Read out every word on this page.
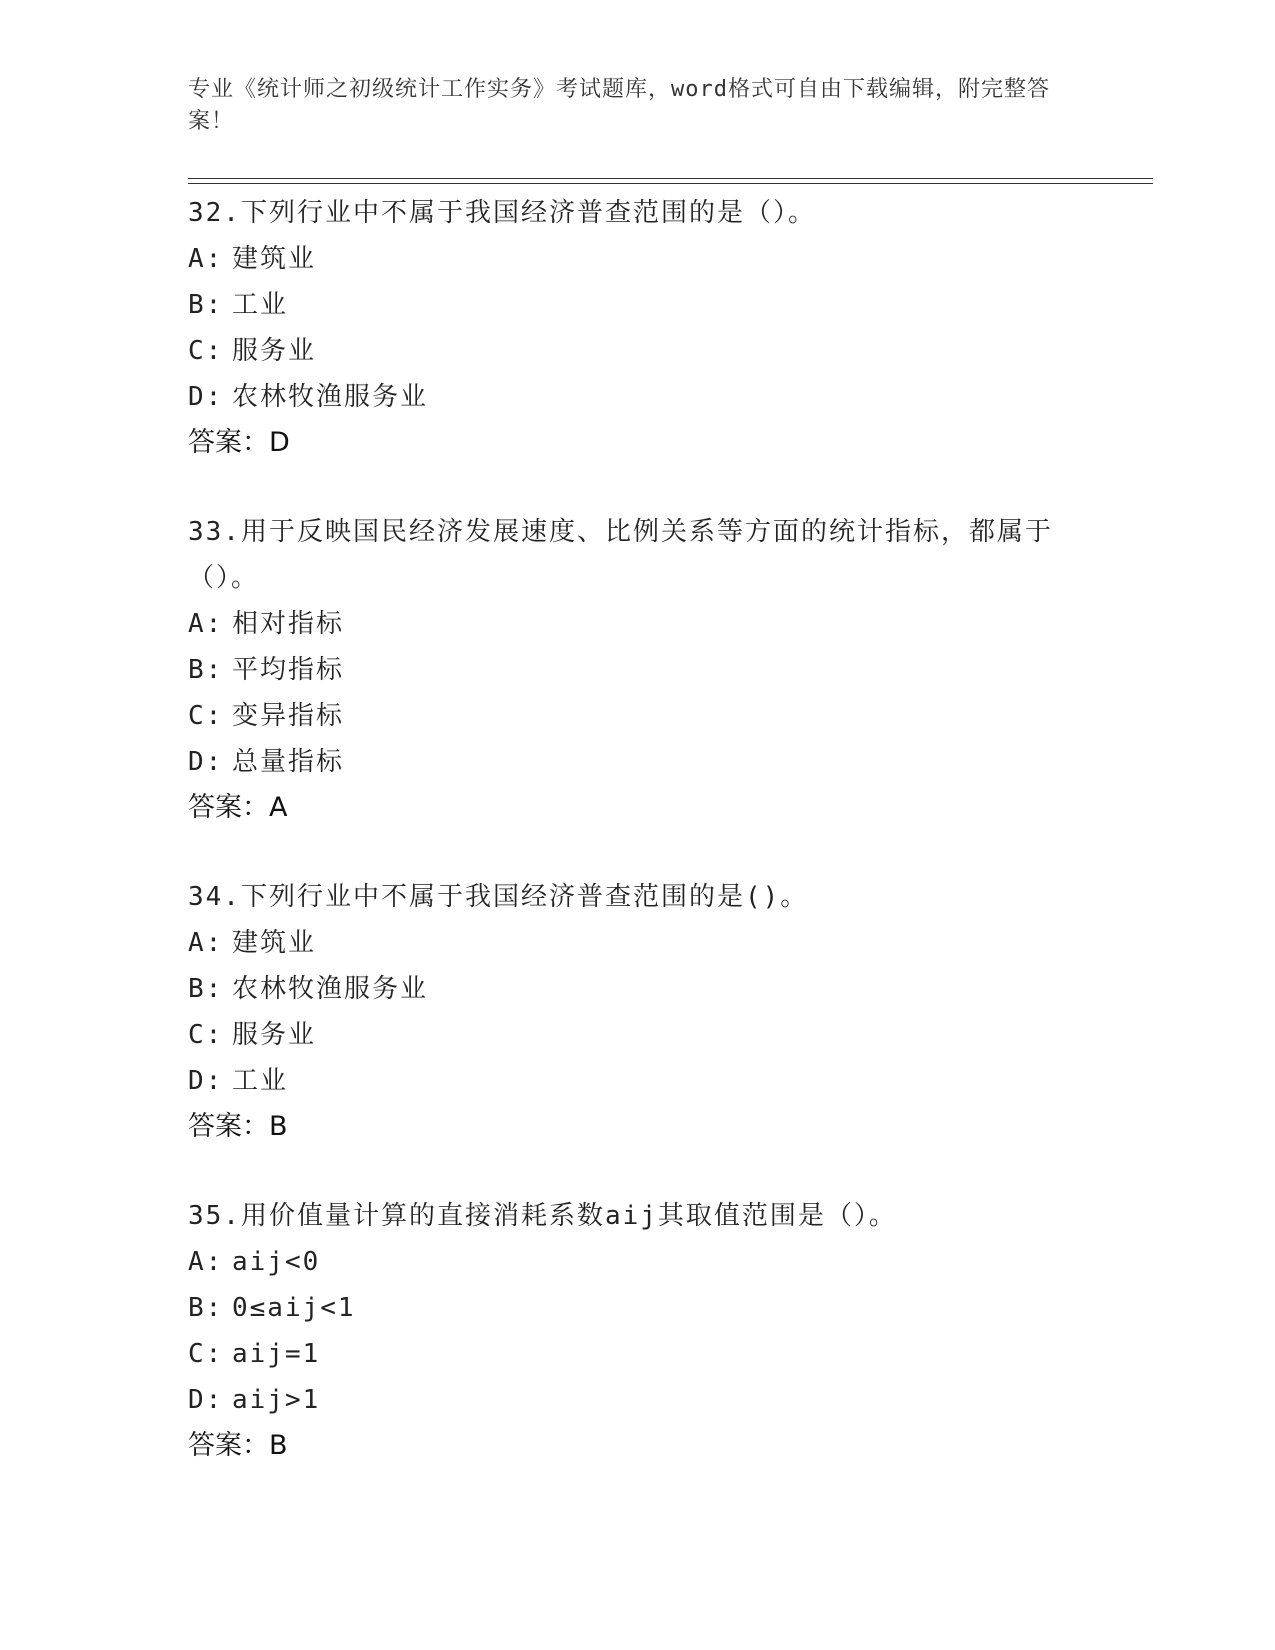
专业《统计师之初级统计工作实务》考试题库，word格式可自由下载编辑，附完整答案！

32.下列行业中不属于我国经济普查范围的是（）。

A: 建筑业

B: 工业

C: 服务业

D: 农林牧渔服务业

答案：D

33.用于反映国民经济发展速度、比例关系等方面的统计指标，都属于（）。

A: 相对指标

B: 平均指标

C: 变异指标

D: 总量指标

答案：A

34.下列行业中不属于我国经济普查范围的是()。

A: 建筑业

B: 农林牧渔服务业

C: 服务业

D: 工业

答案：B

35.用价值量计算的直接消耗系数aij其取值范围是（）。

A: aij<0

B: 0≤aij<1

C: aij=1

D: aij>1

答案：B
